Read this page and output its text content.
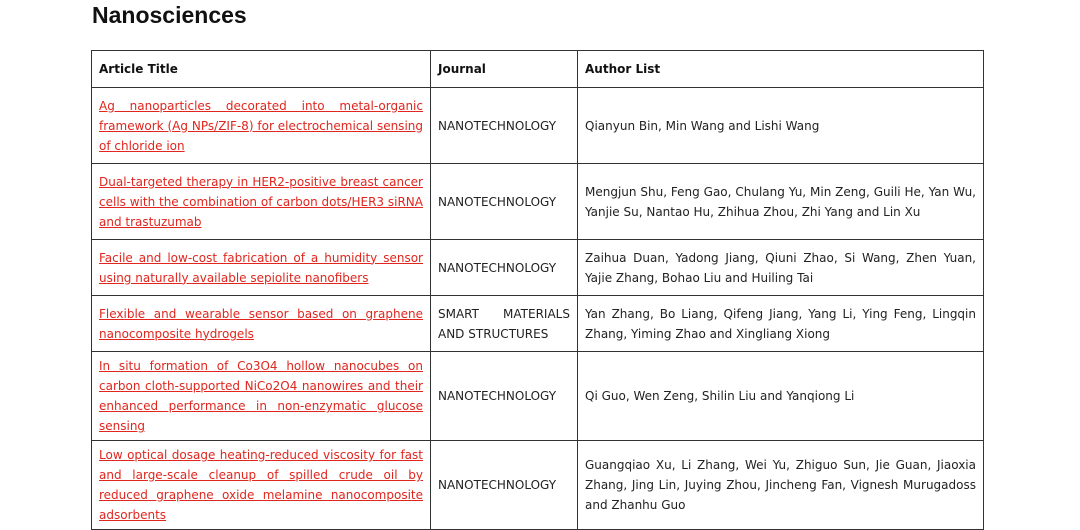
Nanosciences
Article Title	Journal	Author List

Ag nanoparticles decorated into metal-organic framework (Ag NPs/ZIF-8) for electrochemical sensing of chloride ion	NANOTECHNOLOGY	Qianyun Bin, Min Wang and Lishi Wang

Dual-targeted therapy in HER2-positive breast cancer cells with the combination of carbon dots/HER3 siRNA and trastuzumab	NANOTECHNOLOGY	Mengjun Shu, Feng Gao, Chulang Yu, Min Zeng, Guili He, Yan Wu, Yanjie Su, Nantao Hu, Zhihua Zhou, Zhi Yang and Lin Xu

Facile and low-cost fabrication of a humidity sensor using naturally available sepiolite nanofibers	NANOTECHNOLOGY	Zaihua Duan, Yadong Jiang, Qiuni Zhao, Si Wang, Zhen Yuan, Yajie Zhang, Bohao Liu and Huiling Tai

Flexible and wearable sensor based on graphene nanocomposite hydrogels	SMART MATERIALS AND STRUCTURES	Yan Zhang, Bo Liang, Qifeng Jiang, Yang Li, Ying Feng, Lingqin Zhang, Yiming Zhao and Xingliang Xiong

In situ formation of Co3O4 hollow nanocubes on carbon cloth-supported NiCo2O4 nanowires and their enhanced performance in non-enzymatic glucose sensing	NANOTECHNOLOGY	Qi Guo, Wen Zeng, Shilin Liu and Yanqiong Li

Low optical dosage heating-reduced viscosity for fast and large-scale cleanup of spilled crude oil by reduced graphene oxide melamine nanocomposite adsorbents	NANOTECHNOLOGY	Guangqiao Xu, Li Zhang, Wei Yu, Zhiguo Sun, Jie Guan, Jiaoxia Zhang, Jing Lin, Juying Zhou, Jincheng Fan, Vignesh Murugadoss and Zhanhu Guo
